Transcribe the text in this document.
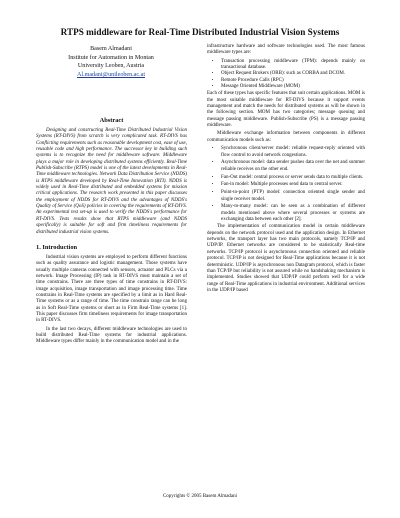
RTPS middleware for Real-Time Distributed Industrial Vision Systems
Basem Almadani
Institute for Automation in Montan
University Leoben, Austria
Al.madani@unileoben.ac.at
Abstract

Designing and constructing Real-Time Distributed Industrial Vision Systems (RT-DIVS) from scratch is very complicated task. RT-DIVS has Conflicting requirements such as reasonable development cost, ease of use, reusable code and high performance. The successor key in building such systems is to recognize the need for middleware software. Middleware plays a major role in developing distributed systems efficiently. Real-Time Publish-Subscribe (RTPS) model is one of the latest developments in Real-Time middleware technologies. Network Data Distribution Service (NDDS) is RTPS middleware developed by Real-Time Innovation (RTI). NDDS is widely used in Real-Time distributed and embedded systems for mission critical applications. The research work presented in this paper discusses the employment of NDDS for RT-DIVS and the advantages of NDDS's Quality of Service (QoS) policies in covering the requirements of RT-DIVS. An experimental test set-up is used to verify the NDDS's performance for RT-DIVS. Tests results show that RTPS middleware (and NDDS specifically) is suitable for soft and firm timeliness requirements for distributed industrial vision systems.

1. Introduction

Industrial vision systems are employed to perform different functions such as quality assurance and logistic management. Those systems have usually multiple cameras connected with sensors, actuator and PLCs via a network. Image Processing (IP) task in RT-DIVS must maintain a set of time constrains. There are three types of time constrains in RT-DIVS: image acquisition, image transportation and image processing time. Time constrains in Real-Time systems are specified by a limit as in Hard Real-Time systems or as a range of time. The time constrain range can be long as in Soft Real-Time systems or short as in Firm Real-Time systems [1]. This paper discusses firm timeliness requirements for image transportation in RT-DIVS.

In the last two decays, different middleware technologies are used to build distributed Real-Time systems for industrial applications. Middleware types differ mainly in the communication model and in the

infrastructure hardware and software technologies used. The most famous middleware types are:

• Transaction processing middleware (TPM): depends mainly on transactional database.
• Object Request Brokers (ORB): such as CORBA and DCOM.
• Remote Procedure Calls (RPC)
• Message Oriented Middleware (MOM)

Each of these types has specific features that suit certain applications. MOM is the most suitable middleware for RT-DIVS because it support events management and match the needs for distributed systems as will be shown in the following section. MOM has two categories; message queuing and message passing middleware. Publish-Subscribe (PS) is a message passing middleware.

Middleware exchange information between components in different communication models such as:

• Synchronous client/server model: reliable request-reply oriented with flow control to avoid network congestions.
• Asynchronous model: data sender pushes data over the net and summer reliable receives on the other end.
• Fan-Out model: central process or server sends data to multiple clients.
• Fan-in model: Multiple processes send data to central server.
• Point-to-point (PTP) model: connection oriented single sender and single receiver model.
• Many-to-many model: can be seen as a combination of different models mentioned above where several processes or systems are exchanging data between each other [2].

The implementation of communication model in certain middleware depends on the network protocol used and the application design. In Ethernet networks, the transport layer has two main protocols, namely TCP/IP and UDP/IP. Ethernet networks are considered to be statistically Real-time networks. TCP/IP protocol is asynchronous connection oriented and reliable protocol. TCP/IP is not designed for Real-Time applications because it is not deterministic. UDP/IP is asynchronous non Datagram protocol, which is faster than TCP/IP but reliability is not assured while no handshaking mechanism is implemented. Studies showed that UDP/IP could perform well for a wide range of Real-Time applications in industrial environment. Additional services in the UDP/IP based

Copyrights © 2005 Basem Almadani
